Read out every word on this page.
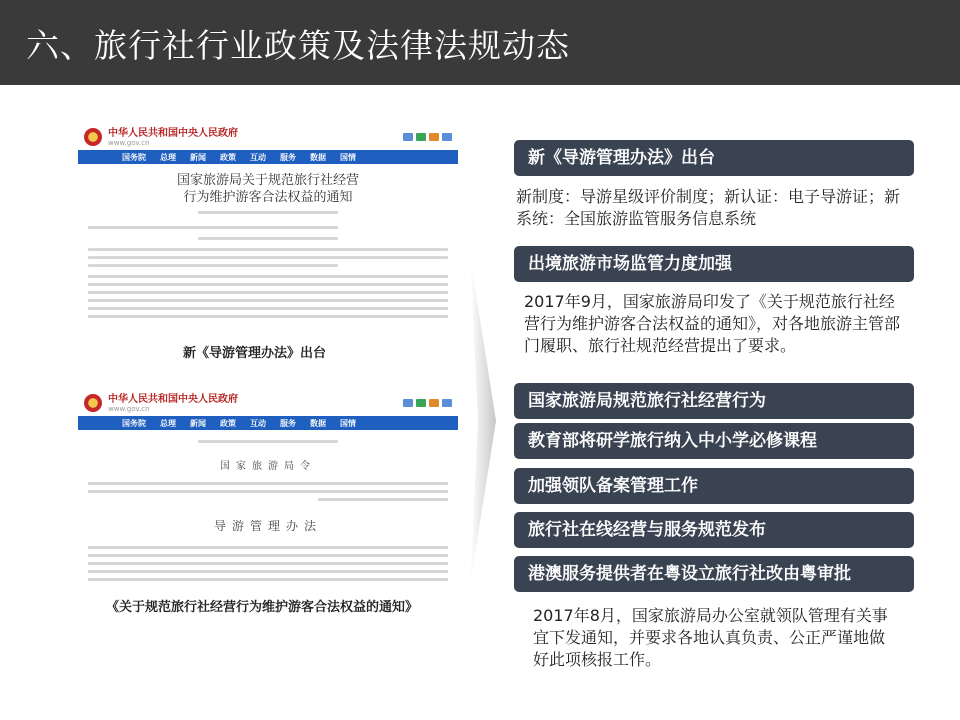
六、旅行社行业政策及法律法规动态
中华人民共和国中央人民政府
www.gov.cn
国务院 总理 新闻 政策 互动 服务 数据 国情
国家旅游局关于规范旅行社经营
行为维护游客合法权益的通知
新《导游管理办法》出台
中华人民共和国中央人民政府
www.gov.cn
国务院 总理 新闻 政策 互动 服务 数据 国情
国家旅游局令
导游管理办法
《关于规范旅行社经营行为维护游客合法权益的通知》
新《导游管理办法》出台
新制度：导游星级评价制度；新认证：电子导游证；新系统：全国旅游监管服务信息系统
出境旅游市场监管力度加强
2017年9月，国家旅游局印发了《关于规范旅行社经营行为维护游客合法权益的通知》，对各地旅游主管部门履职、旅行社规范经营提出了要求。
国家旅游局规范旅行社经营行为
教育部将研学旅行纳入中小学必修课程
加强领队备案管理工作
旅行社在线经营与服务规范发布
港澳服务提供者在粤设立旅行社改由粤审批
2017年8月，国家旅游局办公室就领队管理有关事宜下发通知，并要求各地认真负责、公正严谨地做好此项核报工作。
